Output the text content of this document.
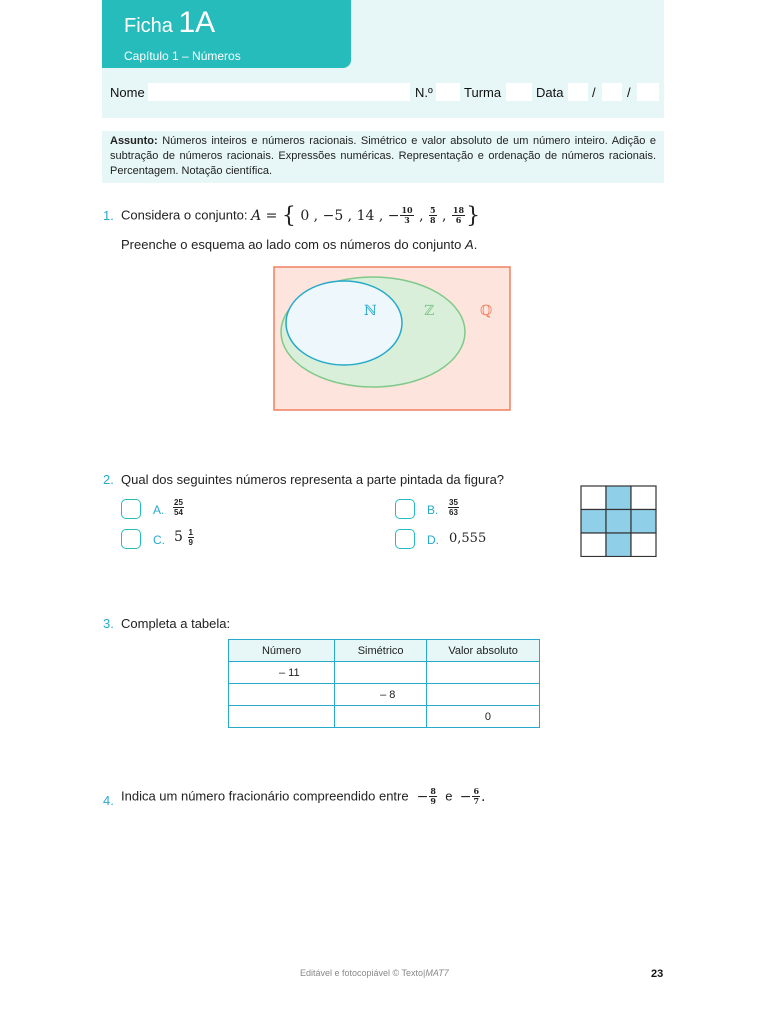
Ficha 1A
Capítulo 1 – Números
Nome	N.º Turma	Data / /

Assunto: Números inteiros e números racionais. Simétrico e valor absoluto de um número inteiro. Adição e subtração de números racionais. Expressões numéricas. Representação e ordenação de números racionais. Percentagem. Notação científica.

1. Considera o conjunto: A = { 0 , −5 , 14 , − $\frac{10}{3}$ , $\frac{5}{8}$ , $\frac{18}{6}$ }
Preenche o esquema ao lado com os números do conjunto A.
ℕ	ℤ	ℚ
2. Qual dos seguintes números representa a parte pintada da figura?
A. $\frac{25}{54}$	B. $\frac{35}{63}$
C. $5 \frac{1}{9}$	D. 0,555
3. Completa a tabela:
Número	Simétrico	Valor absoluto
– 11		
	– 8	
		0
4. Indica um número fracionário compreendido entre  − $\frac{8}{9}$ $e - \frac{6}{7}$ .
Editável e fotocopiável © Texto|MAT7	23
